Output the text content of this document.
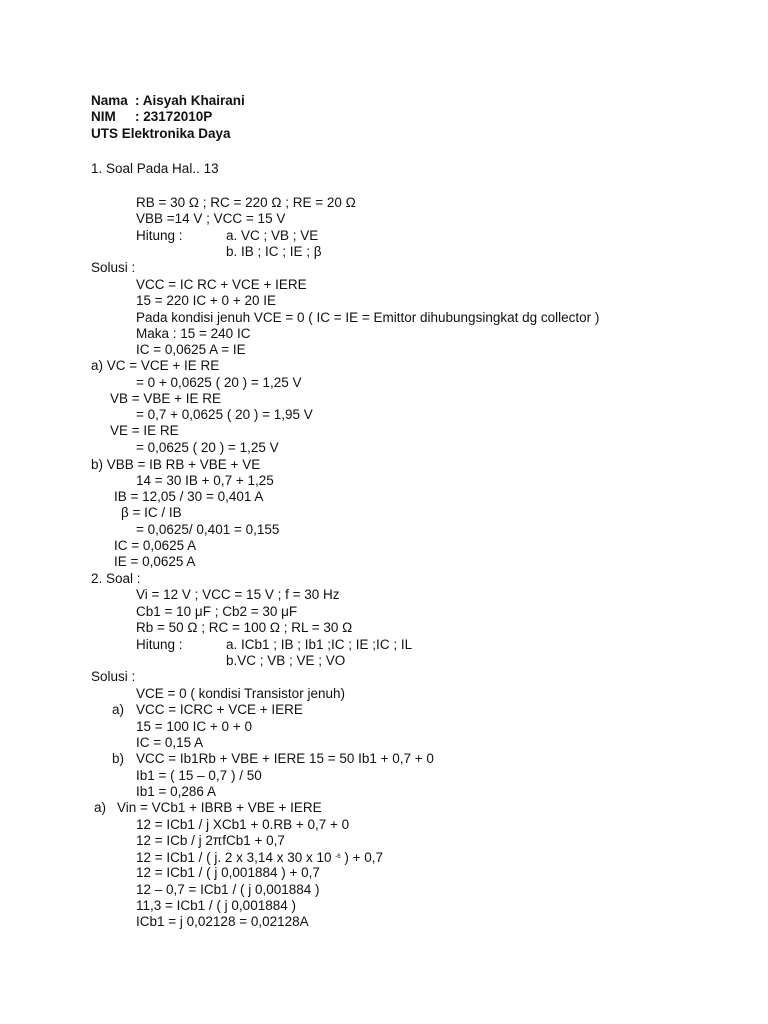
Nama : Aisyah Khairani
NIM : 23172010P
UTS Elektronika Daya
1. Soal Pada Hal.. 13
RB = 30 Ω ; RC = 220 Ω ; RE = 20 Ω
VBB =14 V ; VCC = 15 V
Hitung :	a. VC ; VB ; VE
b. IB ; IC ; IE ; β
Solusi :
VCC = IC RC + VCE + IERE
15 = 220 IC + 0 + 20 IE
Pada kondisi jenuh VCE = 0 ( IC = IE = Emittor dihubungsingkat dg collector )
Maka : 15 = 240 IC
IC = 0,0625 A = IE
a) VC = VCE + IE RE
= 0 + 0,0625 ( 20 ) = 1,25 V
VB = VBE + IE RE
= 0,7 + 0,0625 ( 20 ) = 1,95 V
VE = IE RE
= 0,0625 ( 20 ) = 1,25 V
b) VBB = IB RB + VBE + VE
14 = 30 IB + 0,7 + 1,25
IB = 12,05 / 30 = 0,401 A
β = IC / IB
= 0,0625/ 0,401 = 0,155
IC = 0,0625 A
IE = 0,0625 A
2. Soal :
Vi = 12 V ; VCC = 15 V ; f = 30 Hz
Cb1 = 10 μF ; Cb2 = 30 μF
Rb = 50 Ω ; RC = 100 Ω ; RL = 30 Ω
Hitung :	a. ICb1 ; IB ; Ib1 ;IC ; IE ;IC ; IL
b.VC ; VB ; VE ; VO
Solusi :
VCE = 0 ( kondisi Transistor jenuh)
a) VCC = ICRC + VCE + IERE
15 = 100 IC + 0 + 0
IC = 0,15 A
b) VCC = Ib1Rb + VBE + IERE 15 = 50 Ib1 + 0,7 + 0
Ib1 = ( 15 – 0,7 ) / 50
Ib1 = 0,286 A
a) Vin = VCb1 + IBRB + VBE + IERE
12 = ICb1 / j XCb1 + 0.RB + 0,7 + 0
12 = ICb / j 2πfCb1 + 0,7
12 = ICb1 / ( j. 2 x 3,14 x 30 x 10 $^{-6}$ ) + 0,7
12 = ICb1 / ( j 0,001884 ) + 0,7
12 – 0,7 = ICb1 / ( j 0,001884 )
11,3 = ICb1 / ( j 0,001884 )
ICb1 = j 0,02128 = 0,02128A
